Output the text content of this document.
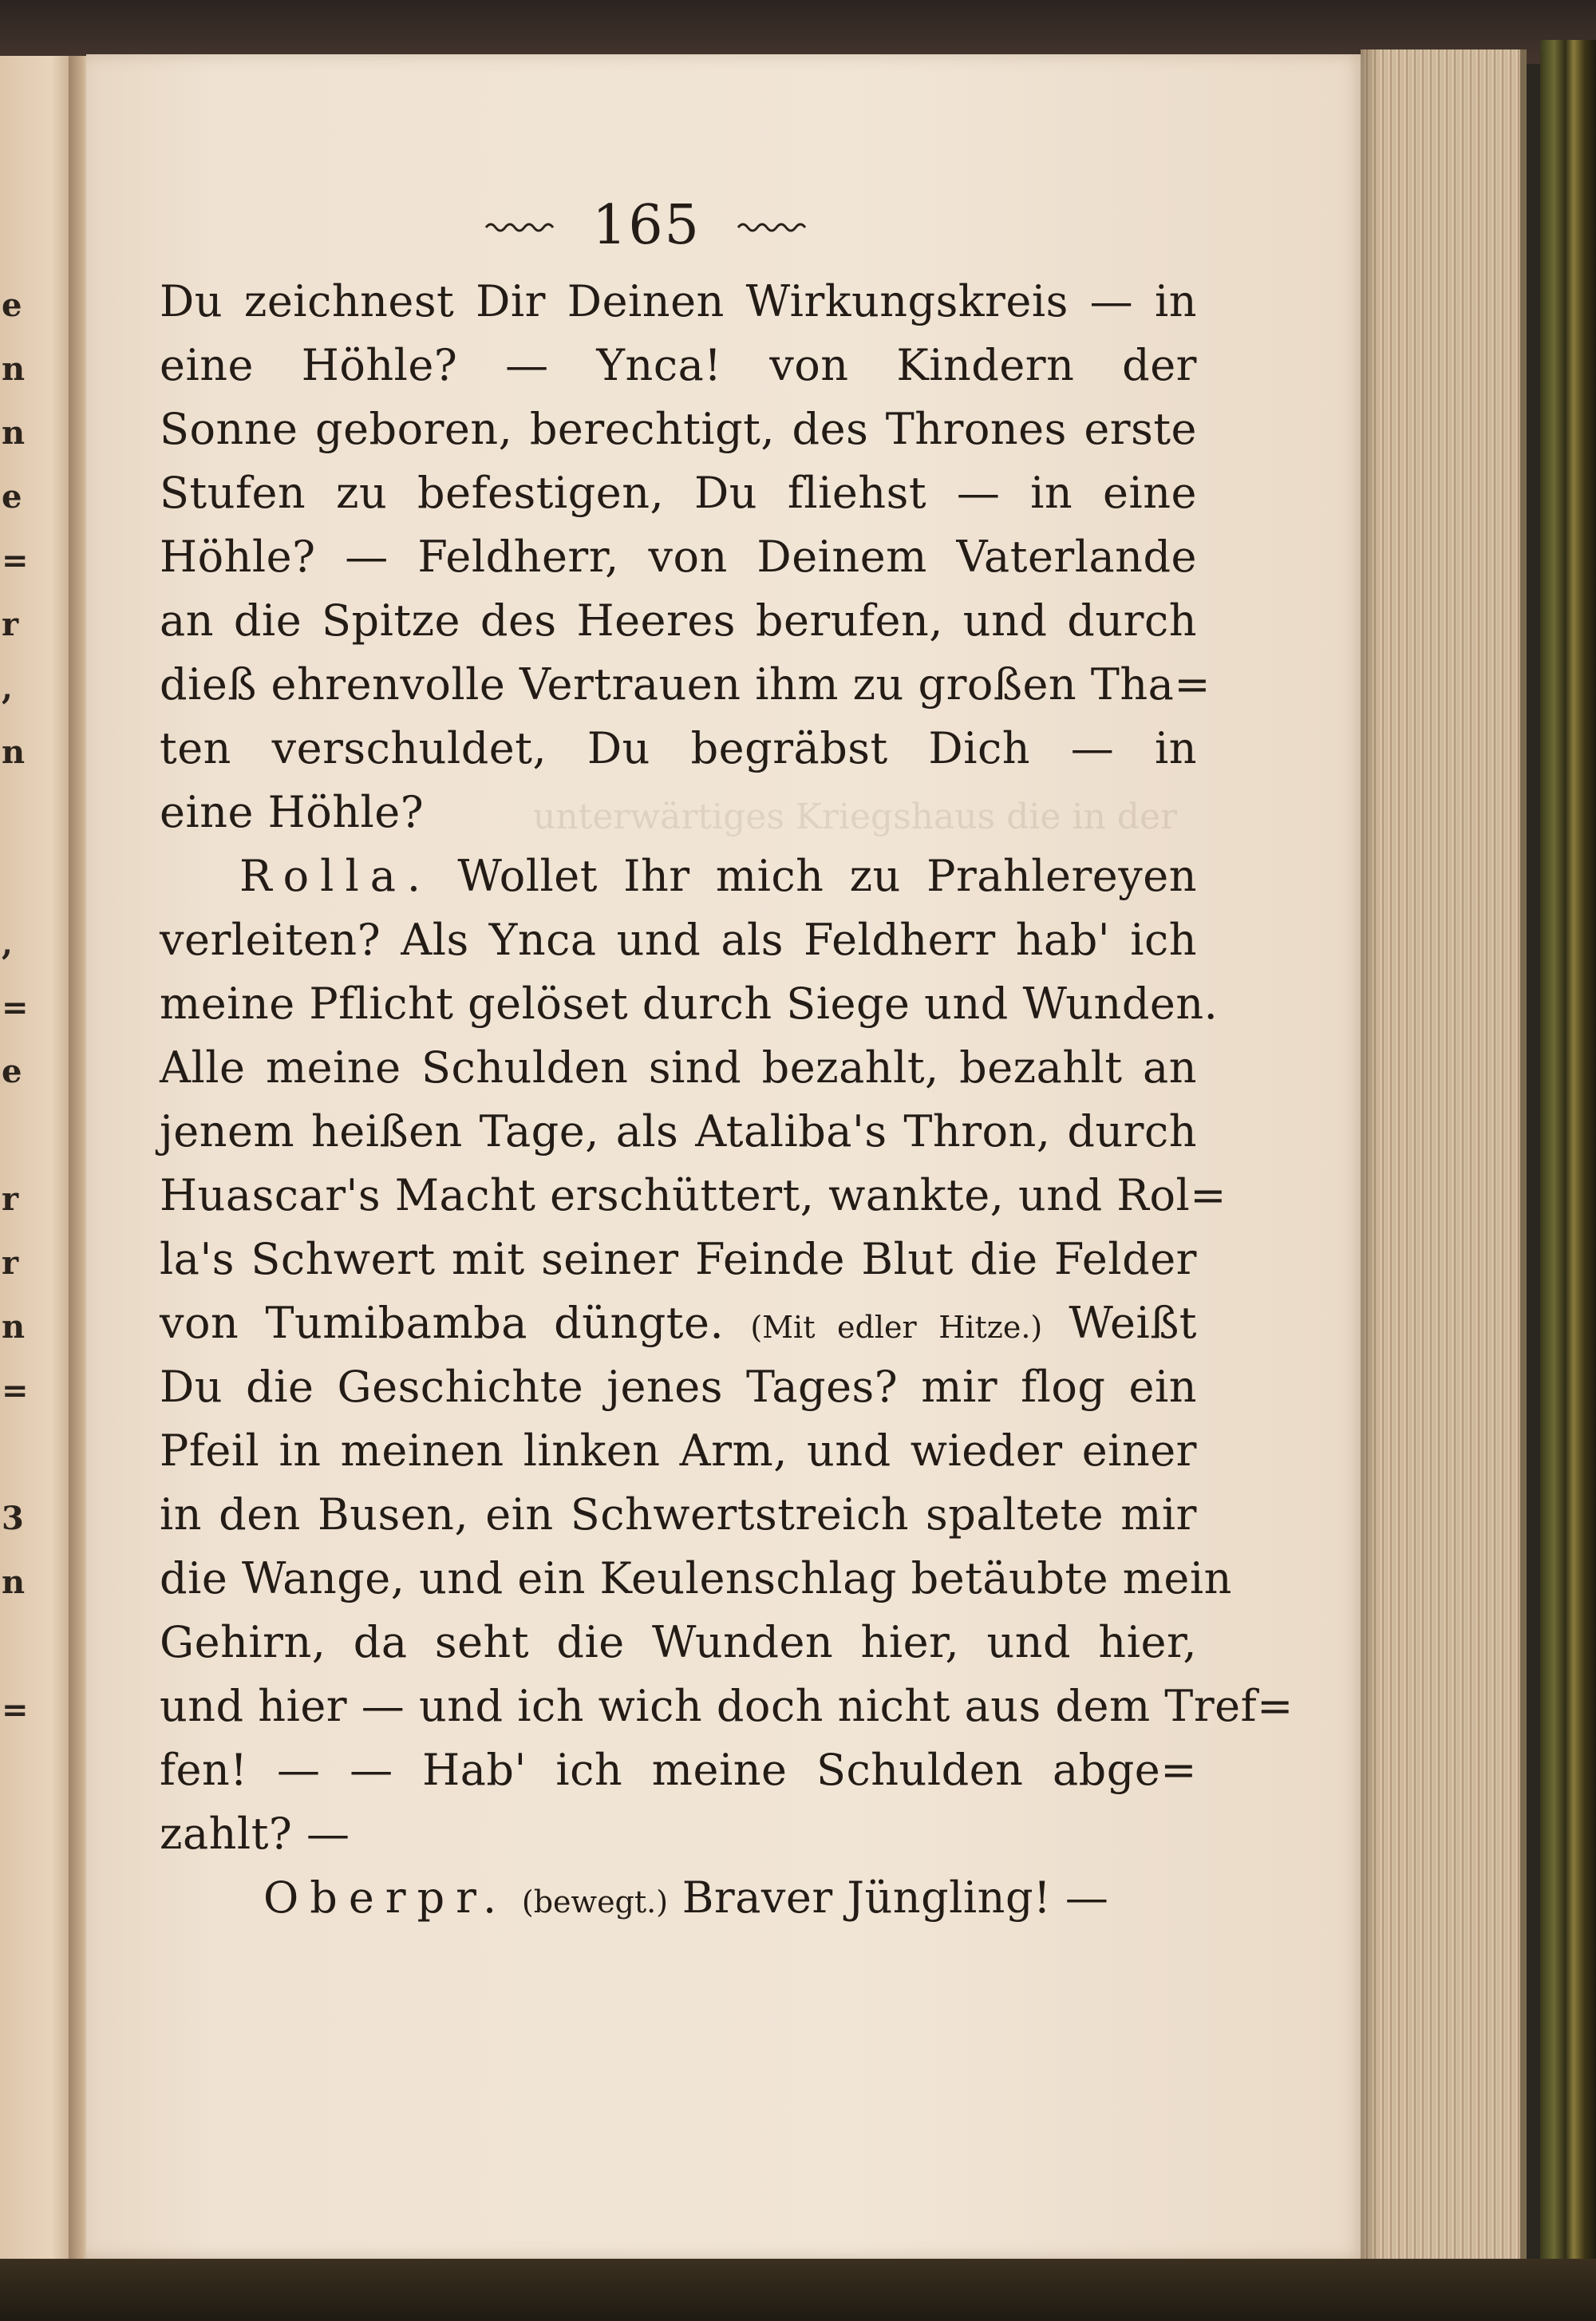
e
n
n
e
=
r
,
n
,
=
e
r
r
n
=
3
n
=
unterwärtiges Kriegshaus die in der
165
Du zeichnest Dir Deinen Wirkungskreis — in
eine Höhle? — Ynca! von Kindern der
Sonne geboren, berechtigt, des Thrones erste
Stufen zu befestigen, Du fliehst — in eine
Höhle? — Feldherr, von Deinem Vaterlande
an die Spitze des Heeres berufen, und durch
dieß ehrenvolle Vertrauen ihm zu großen Tha=
ten verschuldet, Du begräbst Dich — in
eine Höhle?
Rolla. Wollet Ihr mich zu Prahlereyen
verleiten? Als Ynca und als Feldherr hab' ich
meine Pflicht gelöset durch Siege und Wunden.
Alle meine Schulden sind bezahlt, bezahlt an
jenem heißen Tage, als Ataliba's Thron, durch
Huascar's Macht erschüttert, wankte, und Rol=
la's Schwert mit seiner Feinde Blut die Felder
von Tumibamba düngte. (Mit edler Hitze.) Weißt
Du die Geschichte jenes Tages? mir flog ein
Pfeil in meinen linken Arm, und wieder einer
in den Busen, ein Schwertstreich spaltete mir
die Wange, und ein Keulenschlag betäubte mein
Gehirn, da seht die Wunden hier, und hier,
und hier — und ich wich doch nicht aus dem Tref=
fen! — — Hab' ich meine Schulden abge=
zahlt? —
Oberpr. (bewegt.) Braver Jüngling! —
